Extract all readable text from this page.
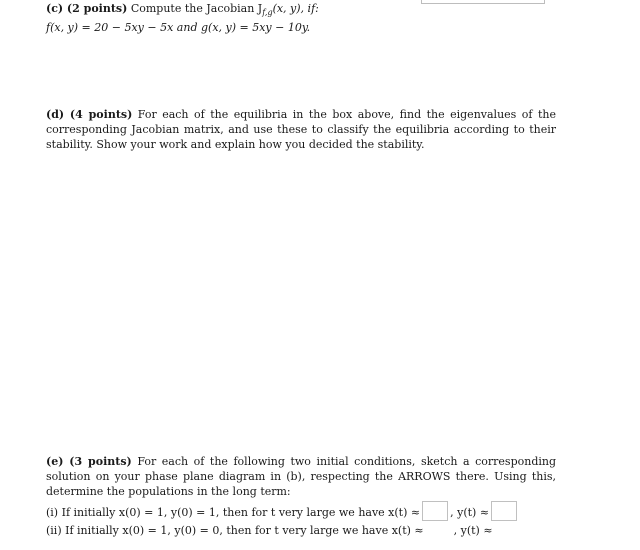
(c) (2 points) Compute the Jacobian $J_{f,g}(x$, y), if:

f(x, y) = 20 − 5xy − 5x and g(x, y) = 5xy − 10y.

(d) (4 points) For each of the equilibria in the box above, find the eigenvalues of the corresponding Jacobian matrix, and use these to classify the equilibria according to their stability. Show your work and explain how you decided the stability.

(e) (3 points) For each of the following two initial conditions, sketch a corresponding solution on your phase plane diagram in (b), respecting the ARROWS there. Using this, determine the populations in the long term:

(i) If initially x(0) = 1, y(0) = 1, then for t very large we have x(t) ≈	, y(t) ≈
(ii) If initially x(0) = 1, y(0) = 0, then for t very large we have x(t) ≈	, y(t) ≈
